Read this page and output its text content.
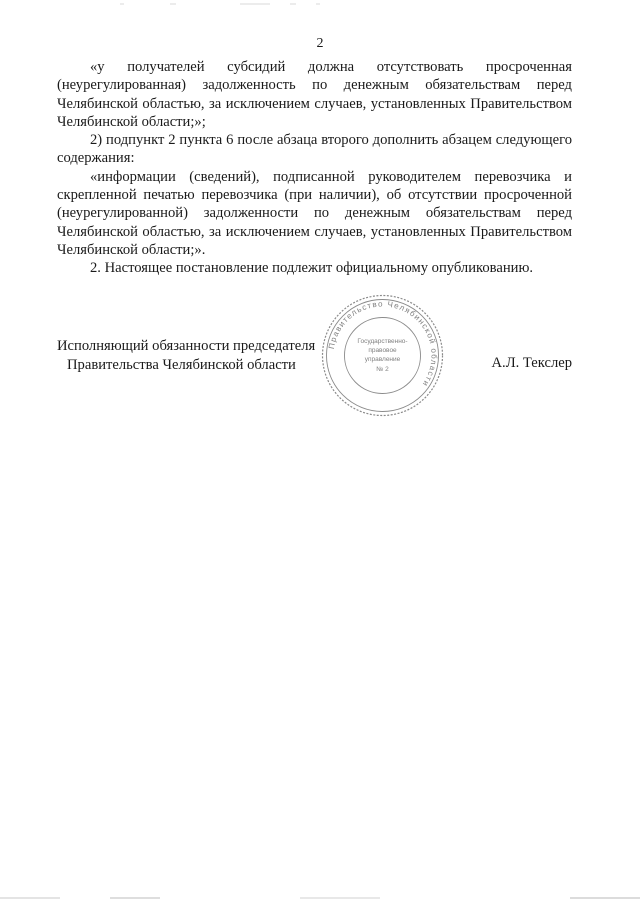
2

«у получателей субсидий должна отсутствовать просроченная (неурегулированная) задолженность по денежным обязательствам перед Челябинской областью, за исключением случаев, установленных Правительством Челябинской области;»;

2) подпункт 2 пункта 6 после абзаца второго дополнить абзацем следующего содержания:

«информации (сведений), подписанной руководителем перевозчика и скрепленной печатью перевозчика (при наличии), об отсутствии просроченной (неурегулированной) задолженности по денежным обязательствам перед Челябинской областью, за исключением случаев, установленных Правительством Челябинской области;».

2. Настоящее постановление подлежит официальному опубликованию.

Исполняющий обязанности председателя
Правительства Челябинской области
Правительство Челябинской области
Государственно-
правовое
управление
№ 2	А.Л. Текслер
